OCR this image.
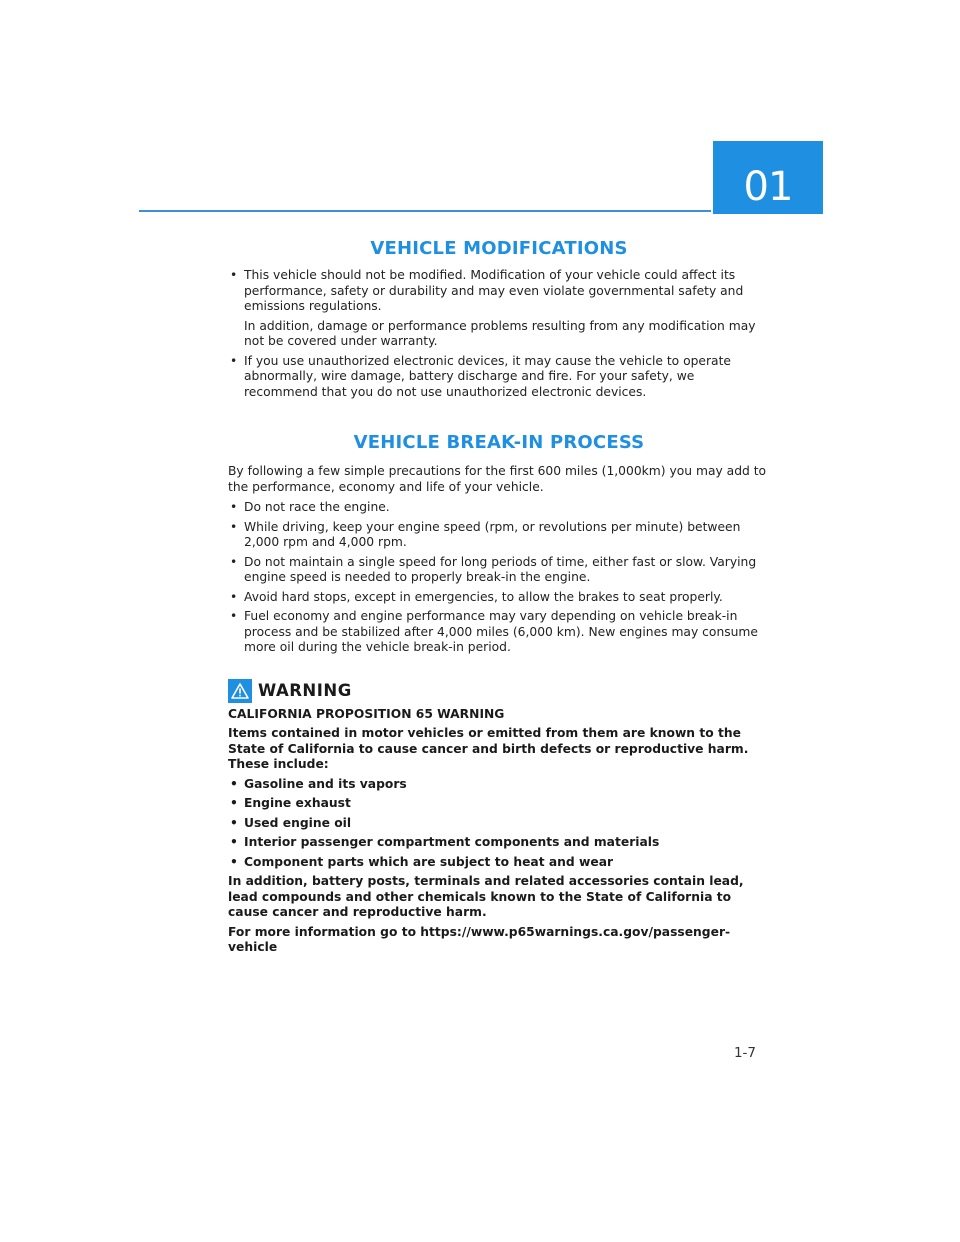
01
VEHICLE MODIFICATIONS
• This vehicle should not be modified. Modification of your vehicle could affect its performance, safety or durability and may even violate governmental safety and emissions regulations.
In addition, damage or performance problems resulting from any modification may not be covered under warranty.
• If you use unauthorized electronic devices, it may cause the vehicle to operate abnormally, wire damage, battery discharge and fire. For your safety, we recommend that you do not use unauthorized electronic devices.
VEHICLE BREAK-IN PROCESS

By following a few simple precautions for the first 600 miles (1,000km) you may add to the performance, economy and life of your vehicle.

• Do not race the engine.
• While driving, keep your engine speed (rpm, or revolutions per minute) between 2,000 rpm and 4,000 rpm.
• Do not maintain a single speed for long periods of time, either fast or slow. Varying engine speed is needed to properly break-in the engine.
• Avoid hard stops, except in emergencies, to allow the brakes to seat properly.
• Fuel economy and engine performance may vary depending on vehicle break-in process and be stabilized after 4,000 miles (6,000 km). New engines may consume more oil during the vehicle break-in period.
WARNING

CALIFORNIA PROPOSITION 65 WARNING

Items contained in motor vehicles or emitted from them are known to the State of California to cause cancer and birth defects or reproductive harm. These include:

• Gasoline and its vapors
• Engine exhaust
• Used engine oil
• Interior passenger compartment components and materials
• Component parts which are subject to heat and wear

In addition, battery posts, terminals and related accessories contain lead, lead compounds and other chemicals known to the State of California to cause cancer and reproductive harm.

For more information go to https://www.p65warnings.ca.gov/passenger-vehicle

1-7
